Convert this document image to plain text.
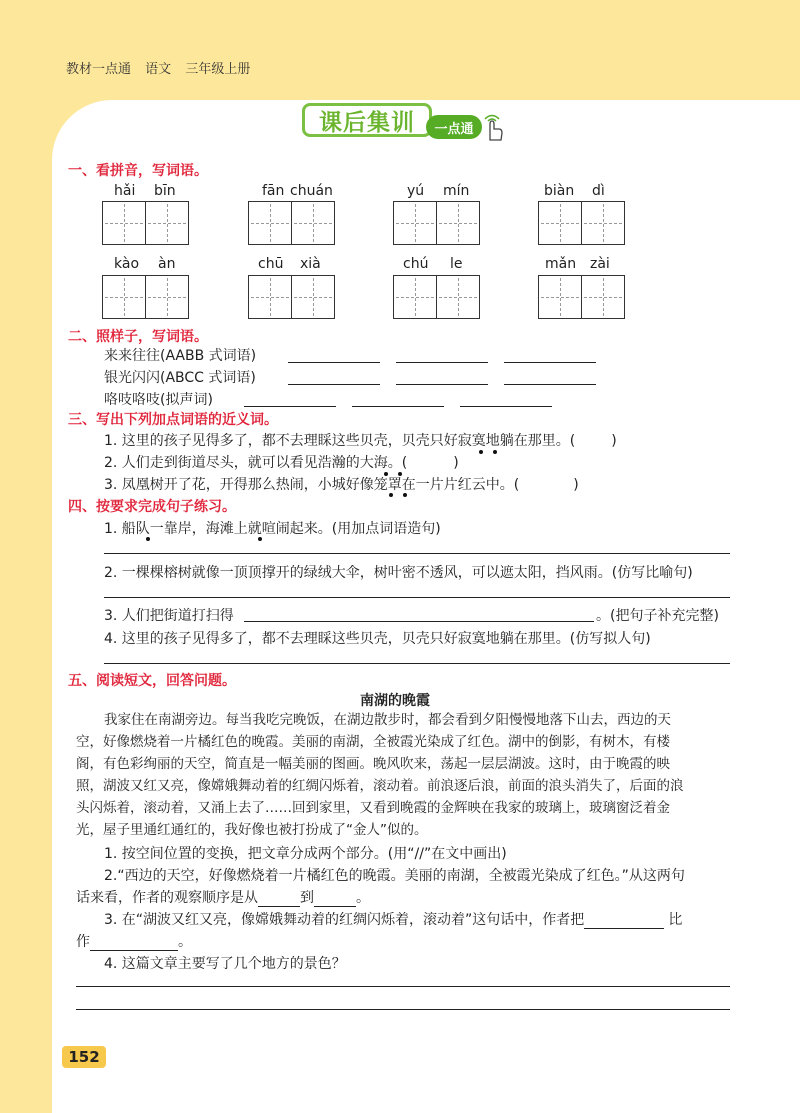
教材一点通 语文 三年级上册
课后集训	一点通
一、看拼音，写词语。
hǎi bīn	fān chuán	yú mín	biàn dì
kào àn	chū xià	chú le	mǎn zài
二、照样子，写词语。
来来往往(AABB 式词语)
银光闪闪(ABCC 式词语)
咯吱咯吱(拟声词)
三、写出下列加点词语的近义词。
1. 这里的孩子见得多了，都不去理睬这些贝壳，贝壳只好寂寞地躺在那里。(	)
2. 人们走到街道尽头，就可以看见浩瀚的大海。(	)
3. 凤凰树开了花，开得那么热闹，小城好像笼罩在一片片红云中。(	)
四、按要求完成句子练习。
1. 船队一靠岸，海滩上就喧闹起来。(用加点词语造句)
2. 一棵棵榕树就像一顶顶撑开的绿绒大伞，树叶密不透风，可以遮太阳，挡风雨。(仿写比喻句)
3. 人们把街道打扫得	。(把句子补充完整)
4. 这里的孩子见得多了，都不去理睬这些贝壳，贝壳只好寂寞地躺在那里。(仿写拟人句)
五、阅读短文，回答问题。
南湖的晚霞
我家住在南湖旁边。每当我吃完晚饭，在湖边散步时，都会看到夕阳慢慢地落下山去，西边的天
空，好像燃烧着一片橘红色的晚霞。美丽的南湖，全被霞光染成了红色。湖中的倒影，有树木，有楼
阁，有色彩绚丽的天空，简直是一幅美丽的图画。晚风吹来，荡起一层层湖波。这时，由于晚霞的映
照，湖波又红又亮，像嫦娥舞动着的红绸闪烁着，滚动着。前浪逐后浪，前面的浪头消失了，后面的浪
头闪烁着，滚动着，又涌上去了……回到家里，又看到晚霞的金辉映在我家的玻璃上，玻璃窗泛着金
光，屋子里通红通红的，我好像也被打扮成了“金人”似的。
1. 按空间位置的变换，把文章分成两个部分。(用“//”在文中画出)
2.“西边的天空，好像燃烧着一片橘红色的晚霞。美丽的南湖，全被霞光染成了红色。”从这两句
话来看，作者的观察顺序是从	到	。
3. 在“湖波又红又亮，像嫦娥舞动着的红绸闪烁着，滚动着”这句话中，作者把	比
作	。
4. 这篇文章主要写了几个地方的景色？
152
